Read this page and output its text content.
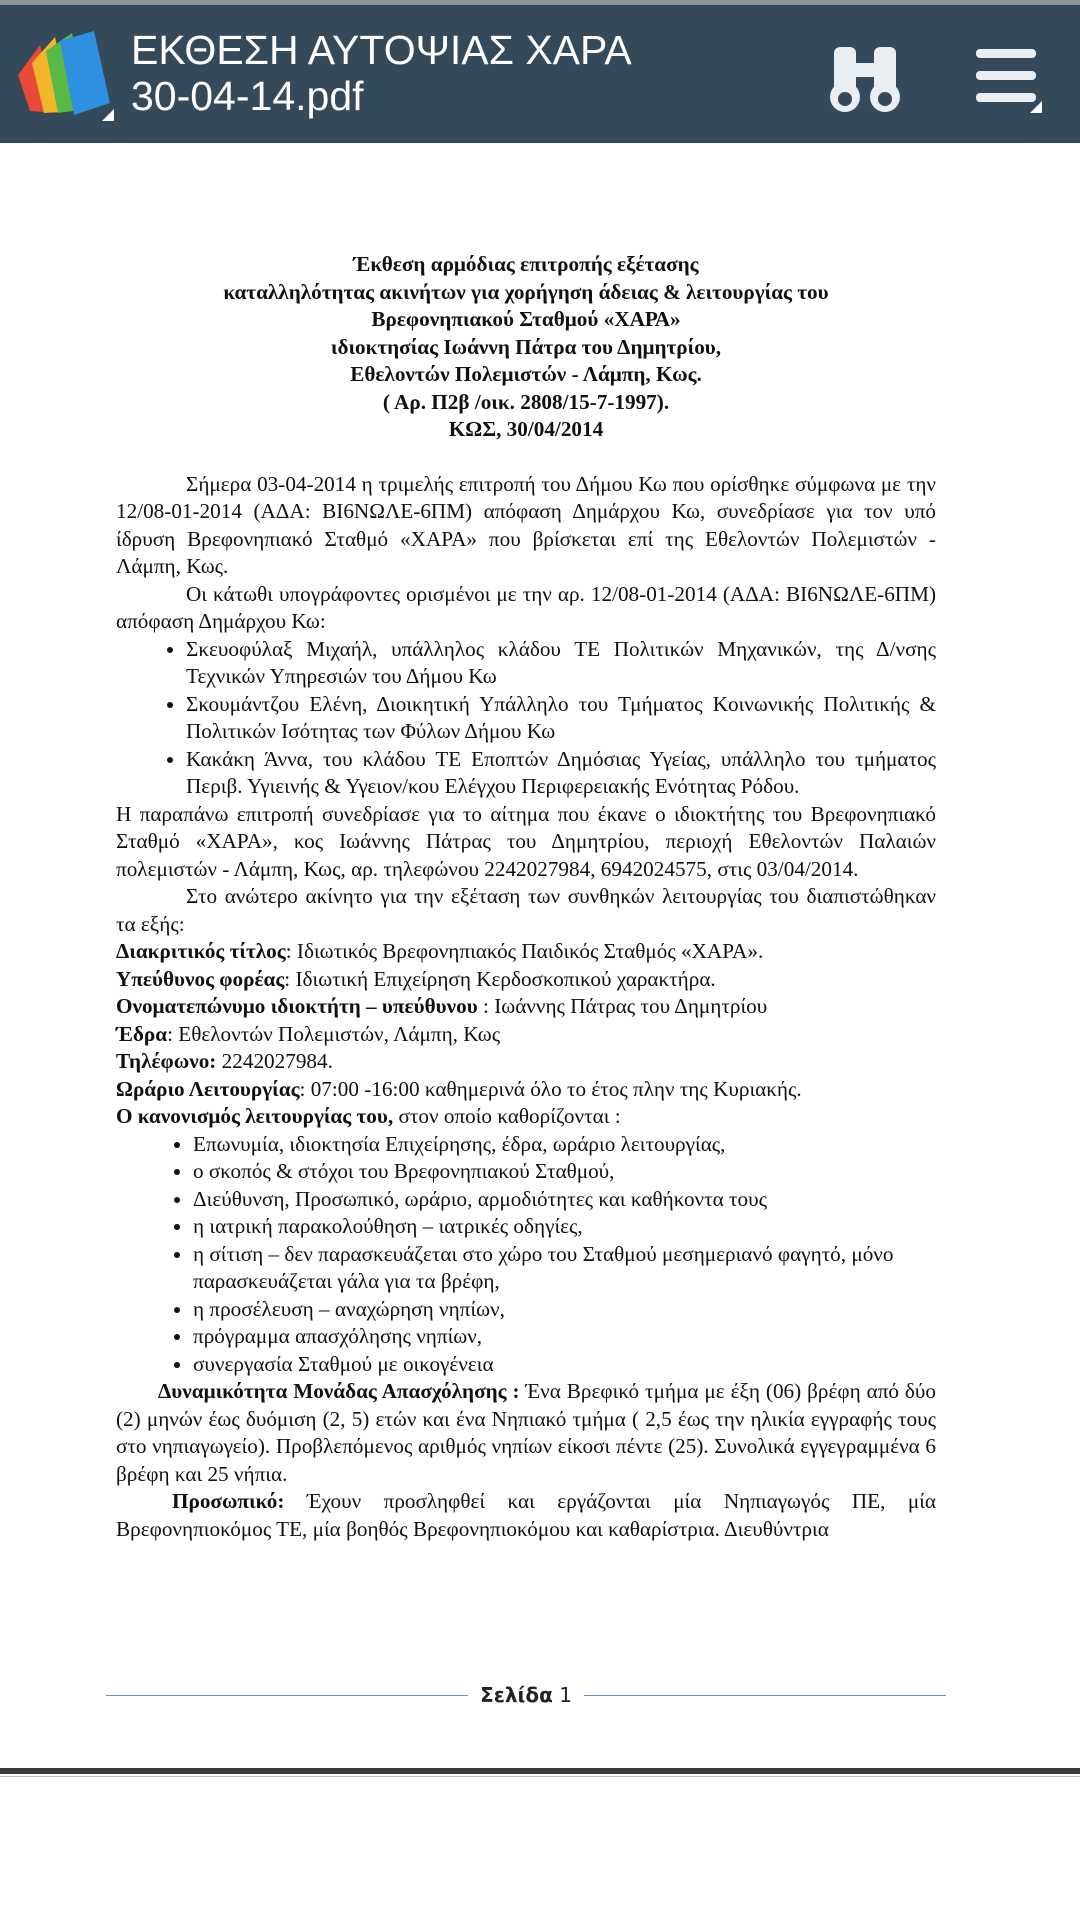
ΕΚΘΕΣΗ ΑΥΤΟΨΙΑΣ ΧΑΡΑ
30-04-14.pdf
Έκθεση αρμόδιας επιτροπής εξέτασης
καταλληλότητας ακινήτων για χορήγηση άδειας & λειτουργίας του
Βρεφονηπιακού Σταθμού «ΧΑΡΑ»
ιδιοκτησίας Ιωάννη Πάτρα του Δημητρίου,
Εθελοντών Πολεμιστών - Λάμπη, Κως.
( Αρ. Π2β /οικ. 2808/15-7-1997).
ΚΩΣ, 30/04/2014

Σήμερα 03-04-2014 η τριμελής επιτροπή του Δήμου Κω που ορίσθηκε σύμφωνα με την 12/08-01-2014 (ΑΔΑ: ΒΙ6ΝΩΛΕ-6ΠΜ) απόφαση Δημάρχου Κω, συνεδρίασε για τον υπό ίδρυση Βρεφονηπιακό Σταθμό «ΧΑΡΑ» που βρίσκεται επί της Εθελοντών Πολεμιστών - Λάμπη, Κως.

Οι κάτωθι υπογράφοντες ορισμένοι με την αρ. 12/08-01-2014 (ΑΔΑ: ΒΙ6ΝΩΛΕ-6ΠΜ) απόφαση Δημάρχου Κω:

• Σκευοφύλαξ Μιχαήλ, υπάλληλος κλάδου ΤΕ Πολιτικών Μηχανικών, της Δ/νσης Τεχνικών Υπηρεσιών του Δήμου Κω
• Σκουμάντζου Ελένη, Διοικητική Υπάλληλο του Τμήματος Κοινωνικής Πολιτικής & Πολιτικών Ισότητας των Φύλων Δήμου Κω
• Κακάκη Άννα, του κλάδου ΤΕ Εποπτών Δημόσιας Υγείας, υπάλληλο του τμήματος Περιβ. Υγιεινής & Υγειον/κου Ελέγχου Περιφερειακής Ενότητας Ρόδου.

Η παραπάνω επιτροπή συνεδρίασε για το αίτημα που έκανε ο ιδιοκτήτης του Βρεφονηπιακό Σταθμό «ΧΑΡΑ», κος Ιωάννης Πάτρας του Δημητρίου, περιοχή Εθελοντών Παλαιών πολεμιστών - Λάμπη, Κως, αρ. τηλεφώνου 2242027984, 6942024575, στις 03/04/2014.

Στο ανώτερο ακίνητο για την εξέταση των συνθηκών λειτουργίας του διαπιστώθηκαν τα εξής:

Διακριτικός τίτλος: Ιδιωτικός Βρεφονηπιακός Παιδικός Σταθμός «ΧΑΡΑ».
Υπεύθυνος φορέας: Ιδιωτική Επιχείρηση Κερδοσκοπικού χαρακτήρα.
Ονοματεπώνυμο ιδιοκτήτη – υπεύθυνου : Ιωάννης Πάτρας του Δημητρίου
Έδρα: Εθελοντών Πολεμιστών, Λάμπη, Κως
Τηλέφωνο: 2242027984.
Ωράριο Λειτουργίας: 07:00 -16:00 καθημερινά όλο το έτος πλην της Κυριακής.
Ο κανονισμός λειτουργίας του, στον οποίο καθορίζονται :
• Επωνυμία, ιδιοκτησία Επιχείρησης, έδρα, ωράριο λειτουργίας,
• ο σκοπός & στόχοι του Βρεφονηπιακού Σταθμού,
• Διεύθυνση, Προσωπικό, ωράριο, αρμοδιότητες και καθήκοντα τους
• η ιατρική παρακολούθηση – ιατρικές οδηγίες,
• η σίτιση – δεν παρασκευάζεται στο χώρο του Σταθμού μεσημεριανό φαγητό, μόνο παρασκευάζεται γάλα για τα βρέφη,
• η προσέλευση – αναχώρηση νηπίων,
• πρόγραμμα απασχόλησης νηπίων,
• συνεργασία Σταθμού με οικογένεια

Δυναμικότητα Μονάδας Απασχόλησης : Ένα Βρεφικό τμήμα με έξη (06) βρέφη από δύο (2) μηνών έως δυόμιση (2, 5) ετών και ένα Νηπιακό τμήμα ( 2,5 έως την ηλικία εγγραφής τους στο νηπιαγωγείο). Προβλεπόμενος αριθμός νηπίων είκοσι πέντε (25). Συνολικά εγγεγραμμένα 6 βρέφη και 25 νήπια.

Προσωπικό: Έχουν προσληφθεί και εργάζονται μία Νηπιαγωγός ΠΕ, μία Βρεφονηπιοκόμος ΤΕ, μία βοηθός Βρεφονηπιοκόμου και καθαρίστρια. Διευθύντρια

Σελίδα 1
